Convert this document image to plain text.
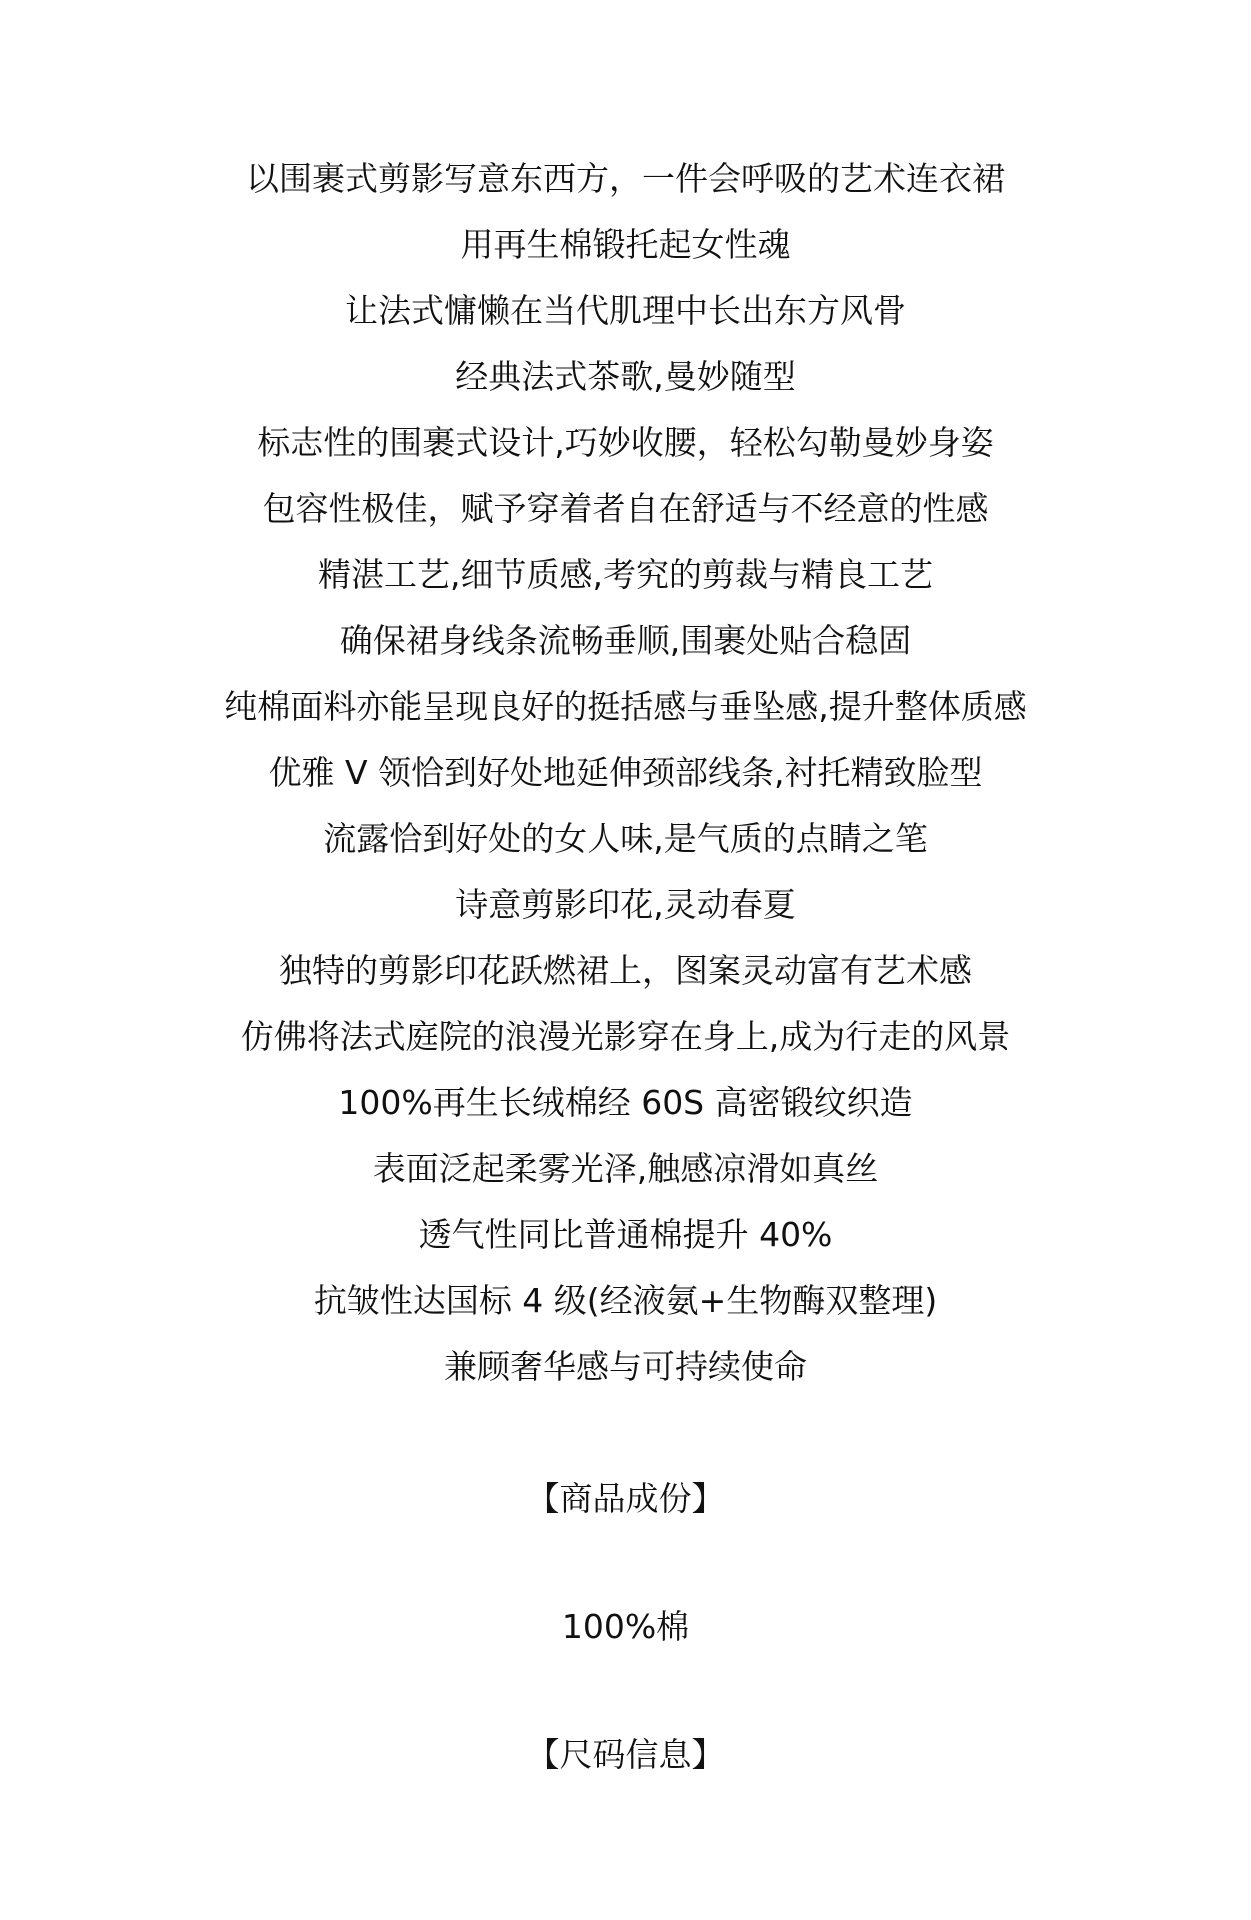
以围裹式剪影写意东西方，一件会呼吸的艺术连衣裙
用再生棉锻托起女性魂
让法式慵懒在当代肌理中长出东方风骨
经典法式茶歌,曼妙随型
标志性的围裹式设计,巧妙收腰，轻松勾勒曼妙身姿
包容性极佳，赋予穿着者自在舒适与不经意的性感
精湛工艺,细节质感,考究的剪裁与精良工艺
确保裙身线条流畅垂顺,围裹处贴合稳固
纯棉面料亦能呈现良好的挺括感与垂坠感,提升整体质感
优雅 V 领恰到好处地延伸颈部线条,衬托精致脸型
流露恰到好处的女人味,是气质的点睛之笔
诗意剪影印花,灵动春夏
独特的剪影印花跃燃裙上，图案灵动富有艺术感
仿佛将法式庭院的浪漫光影穿在身上,成为行走的风景
100%再生长绒棉经 60S 高密锻纹织造
表面泛起柔雾光泽,触感凉滑如真丝
透气性同比普通棉提升 40%
抗皱性达国标 4 级(经液氨+生物酶双整理)
兼顾奢华感与可持续使命
【商品成份】
100%棉
【尺码信息】
